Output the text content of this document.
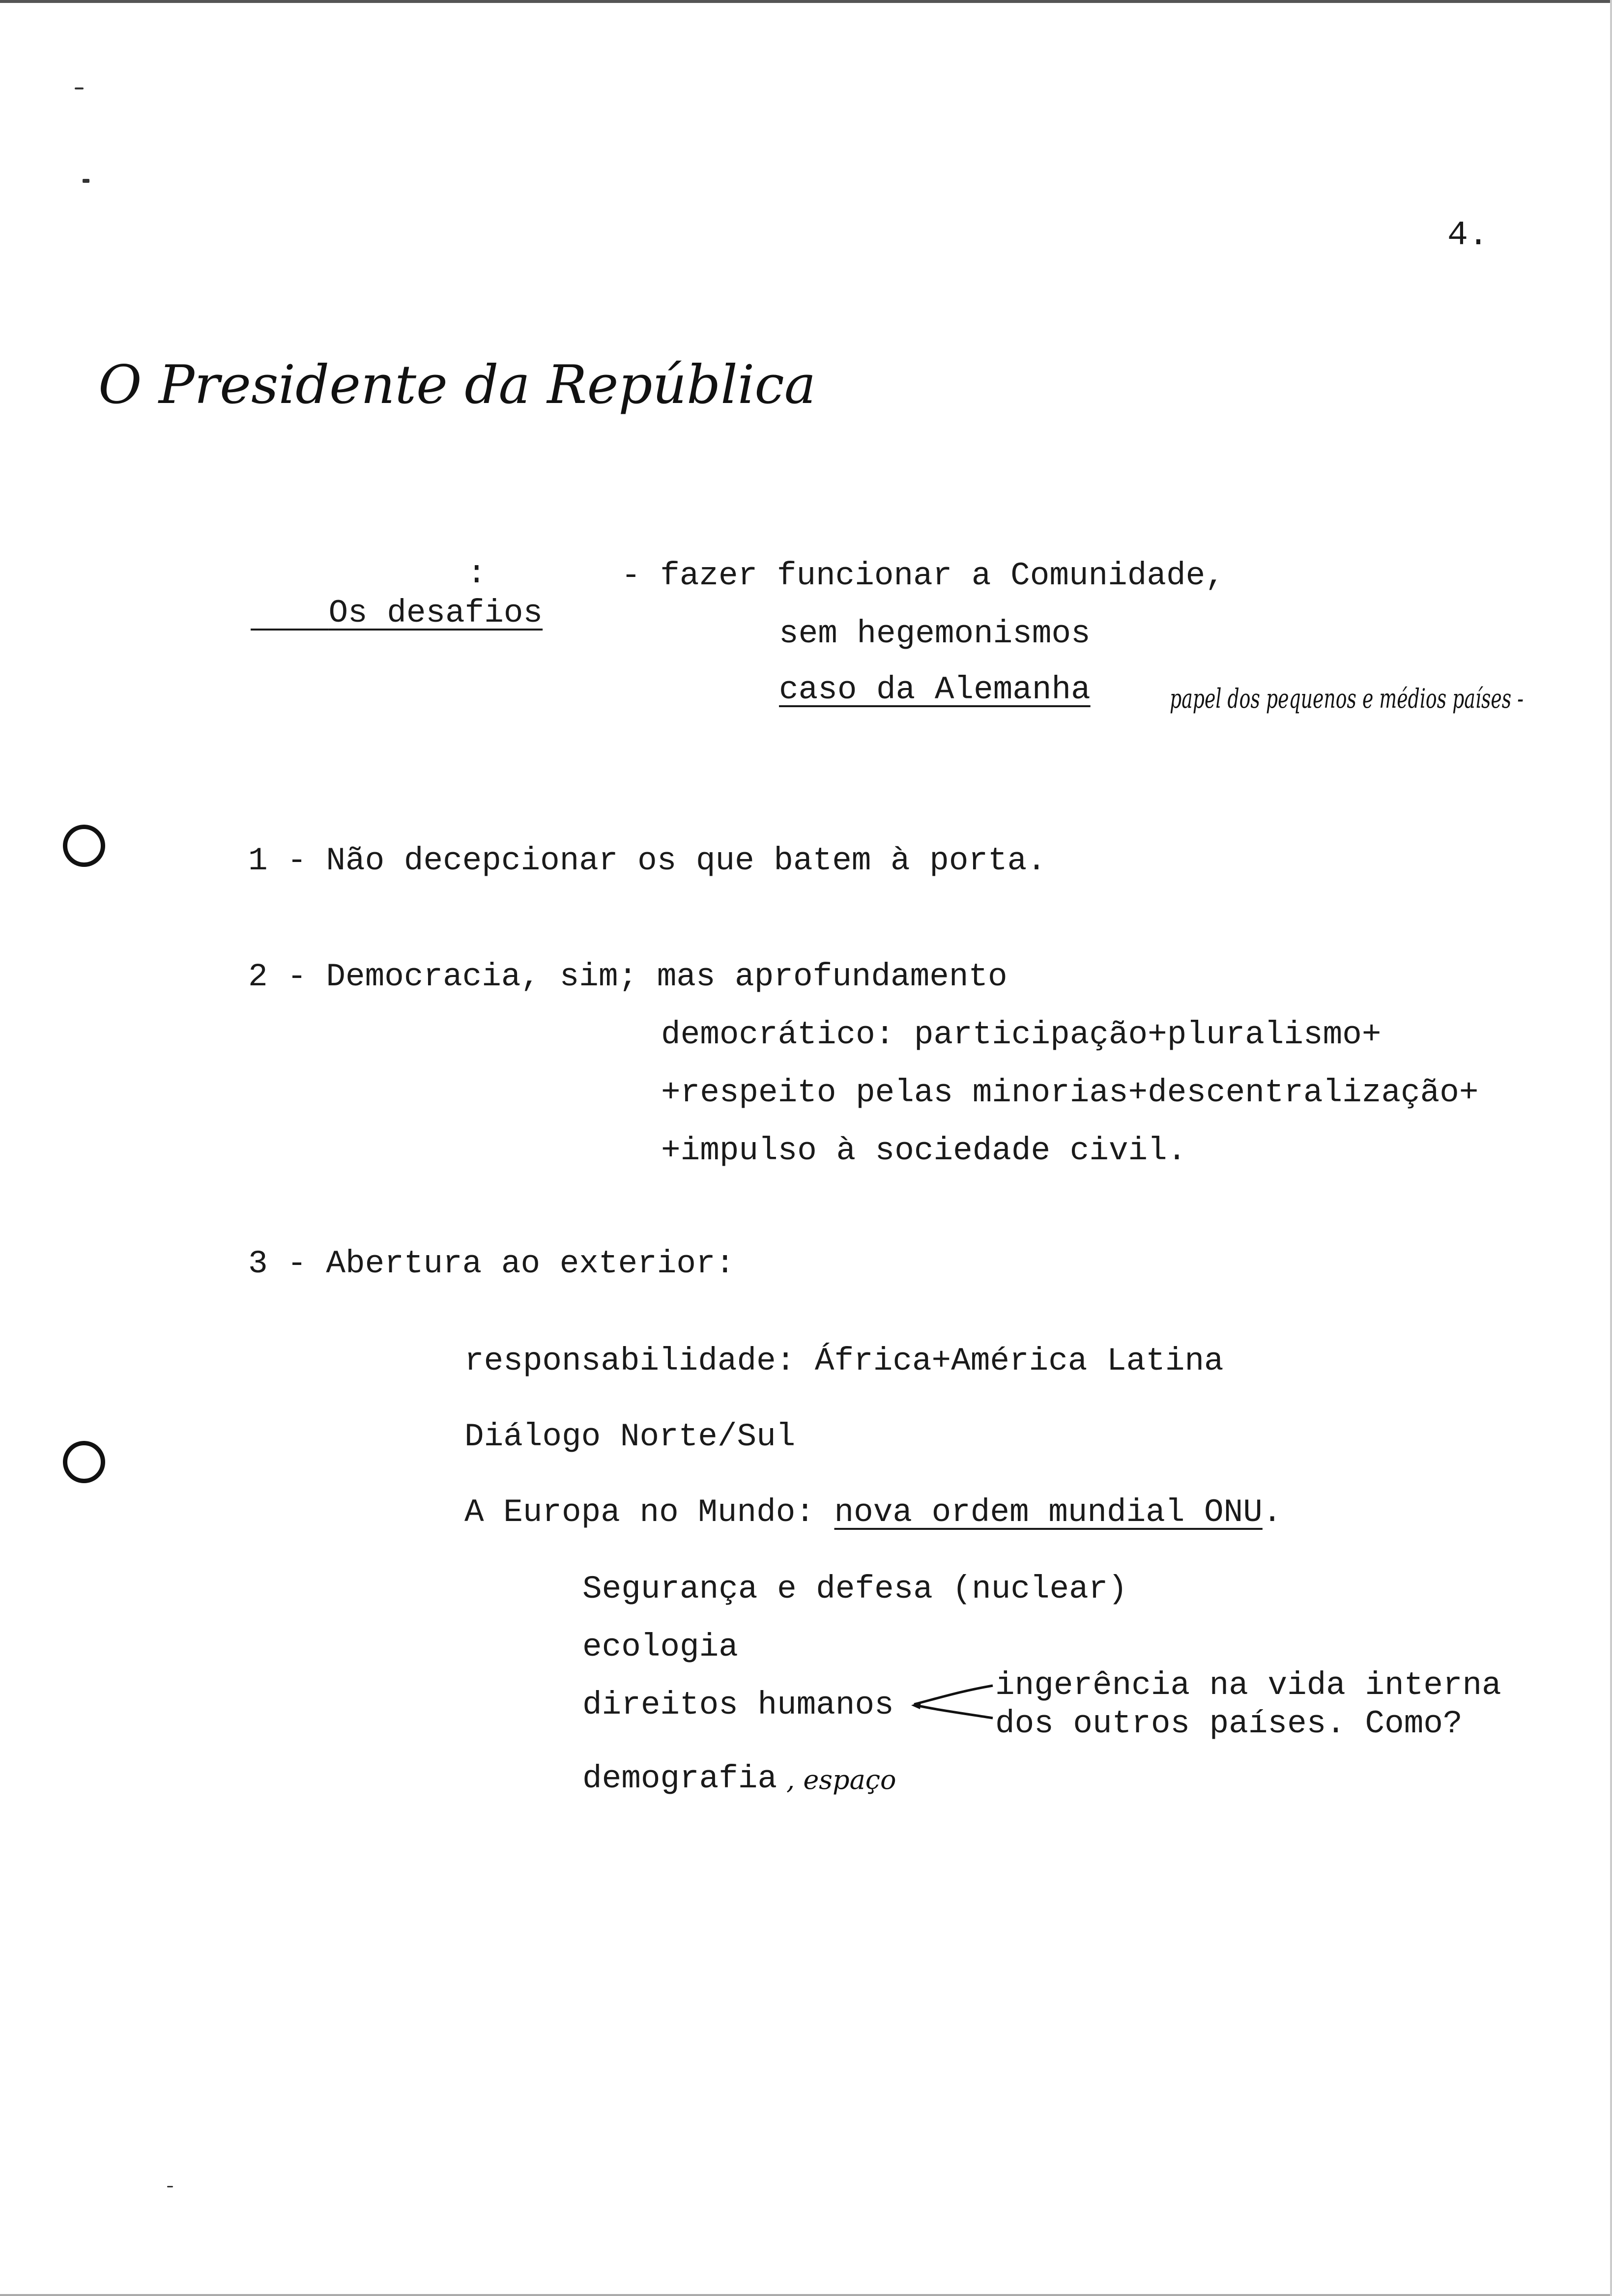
4.
O Presidente da República

Os desafios
:	- fazer funcionar a Comunidade,
sem hegemonismos
caso da Alemanha	papel dos pequenos e médios países -
1 - Não decepcionar os que batem à porta.
2 - Democracia, sim; mas aprofundamento
democrático: participação+pluralismo+
+respeito pelas minorias+descentralização+
+impulso à sociedade civil.
3 - Abertura ao exterior:
responsabilidade: África+América Latina
Diálogo Norte/Sul
A Europa no Mundo: nova ordem mundial ONU.
Segurança e defesa (nuclear)
ecologia
direitos humanos
ingerência na vida interna
dos outros países. Como?
demografia , espaço
